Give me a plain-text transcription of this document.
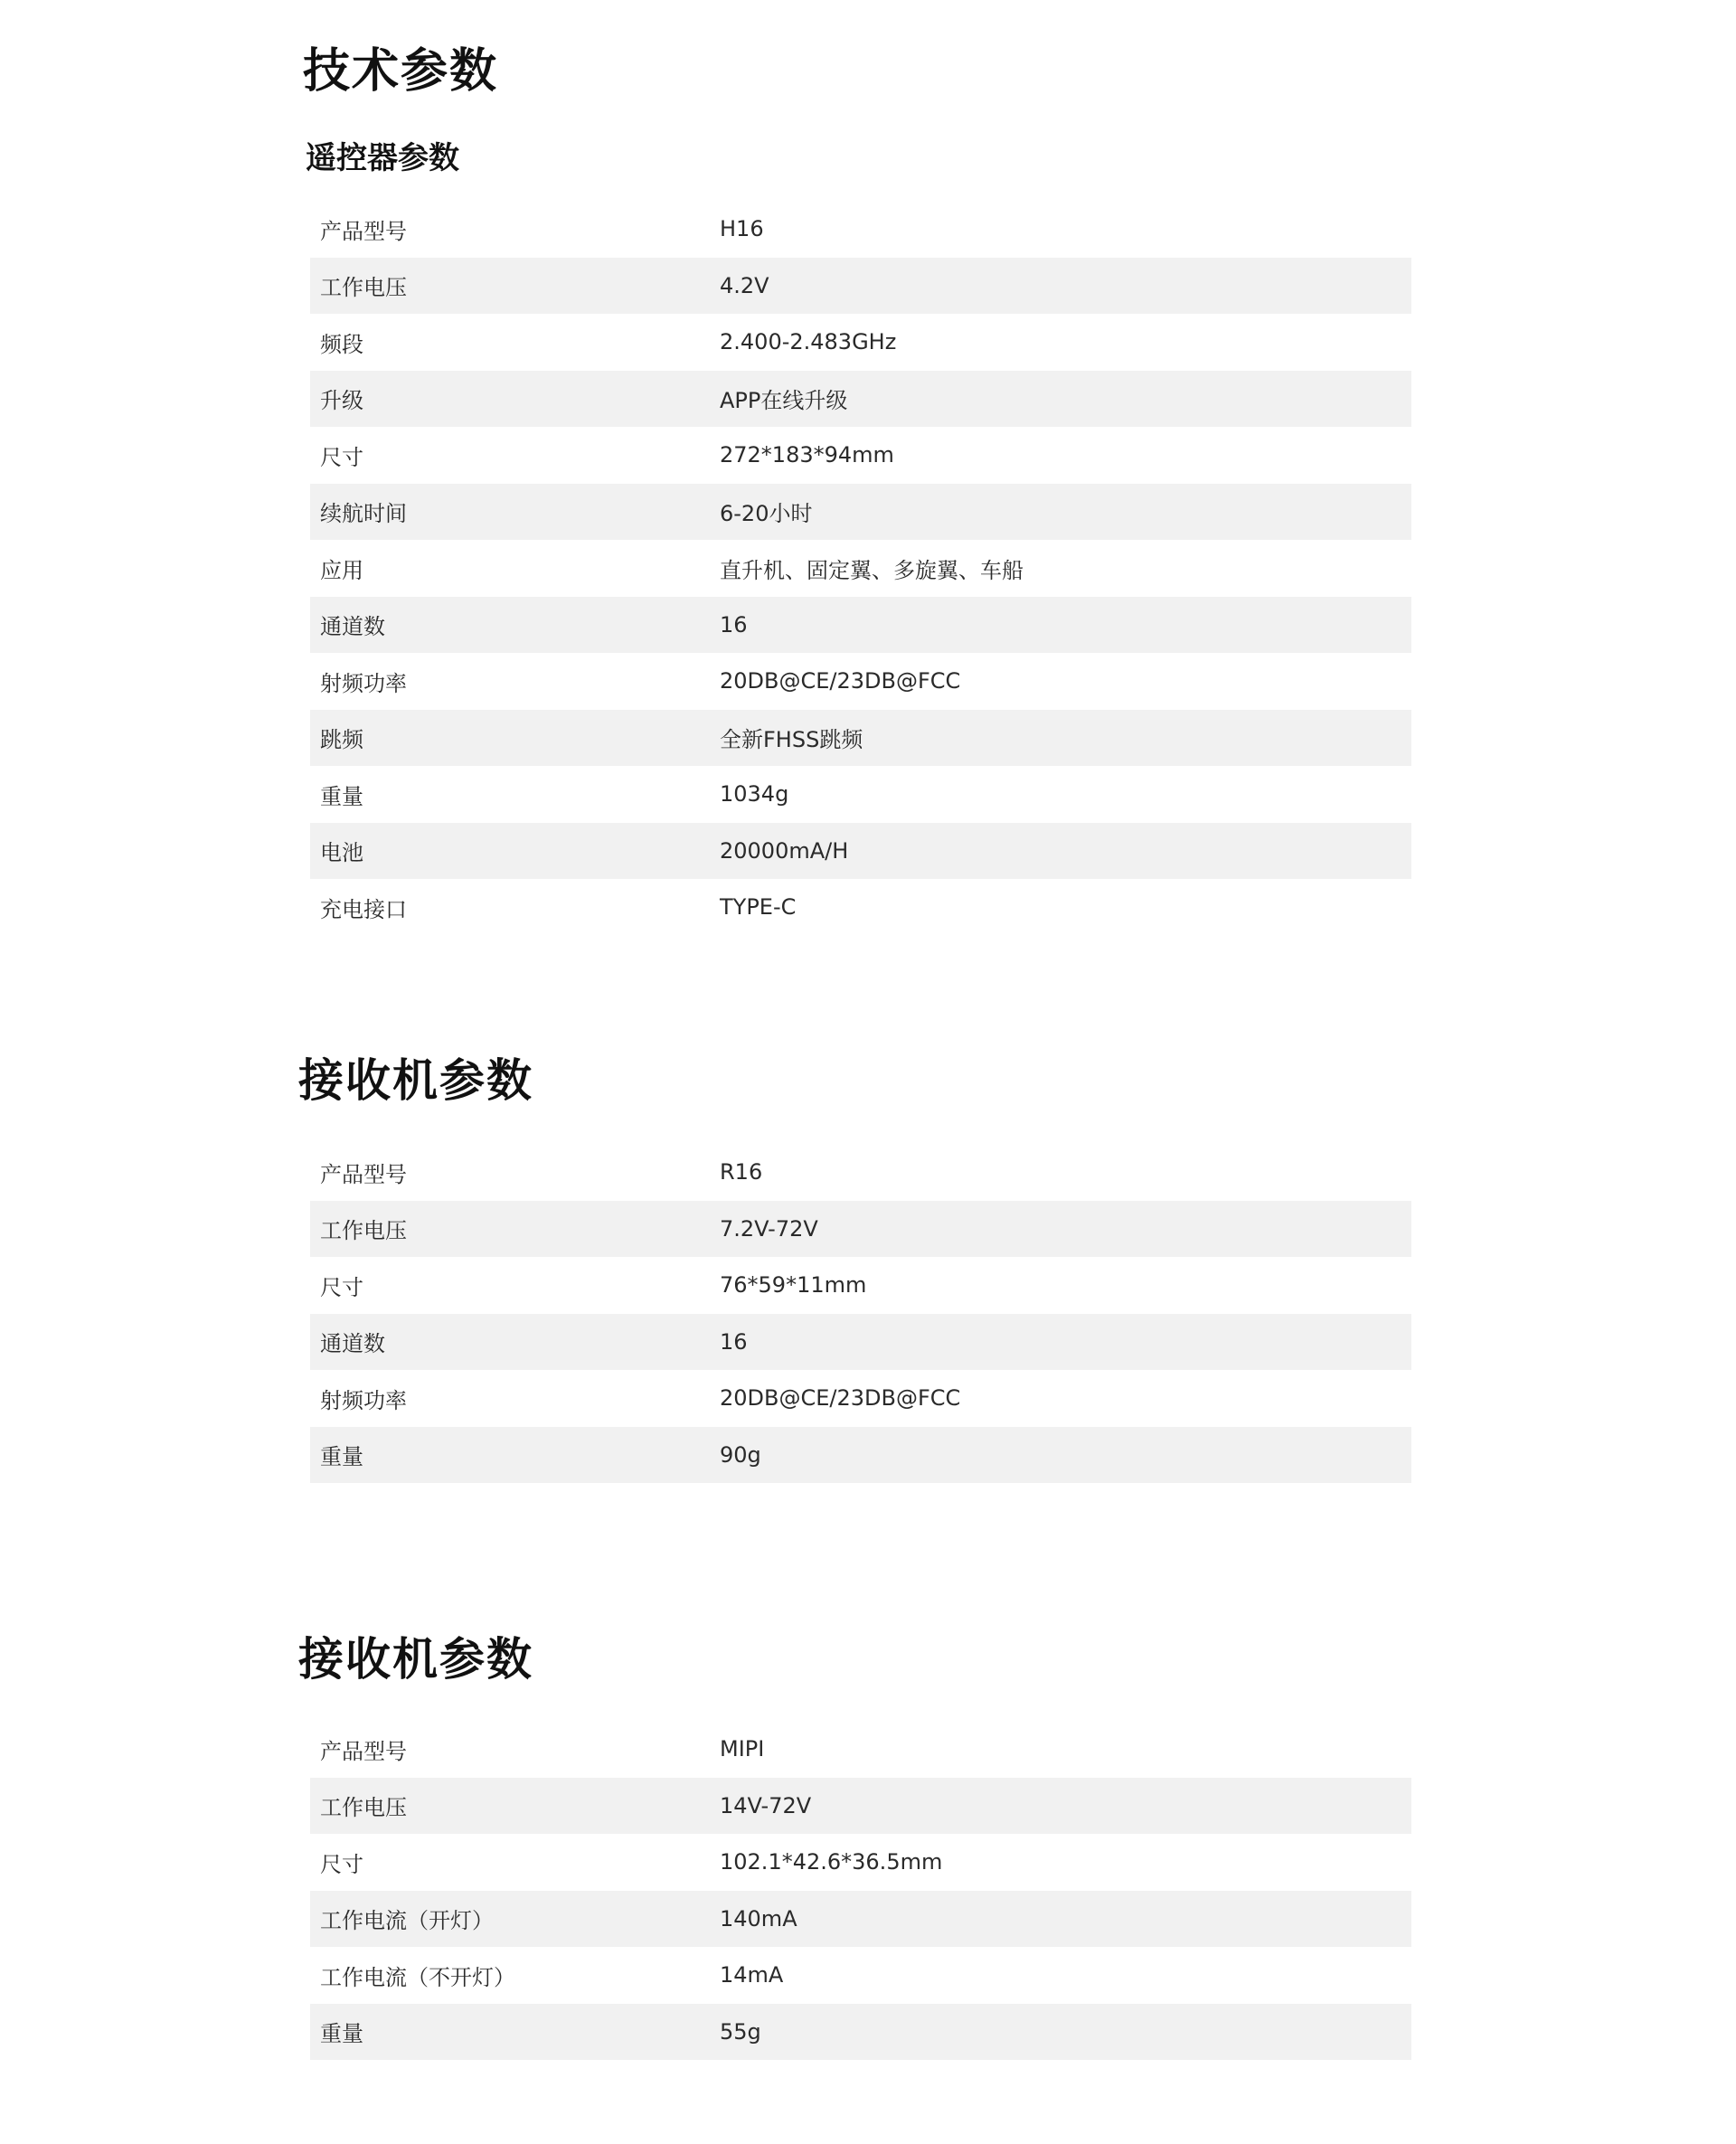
技术参数
遥控器参数
产品型号	H16
工作电压	4.2V
频段	2.400-2.483GHz
升级	APP在线升级
尺寸	272*183*94mm
续航时间	6-20小时
应用	直升机、固定翼、多旋翼、车船
通道数	16
射频功率	20DB@CE/23DB@FCC
跳频	全新FHSS跳频
重量	1034g
电池	20000mA/H
充电接口	TYPE-C
接收机参数
产品型号	R16
工作电压	7.2V-72V
尺寸	76*59*11mm
通道数	16
射频功率	20DB@CE/23DB@FCC
重量	90g
接收机参数
产品型号	MIPI
工作电压	14V-72V
尺寸	102.1*42.6*36.5mm
工作电流（开灯）	140mA
工作电流（不开灯）	14mA
重量	55g
